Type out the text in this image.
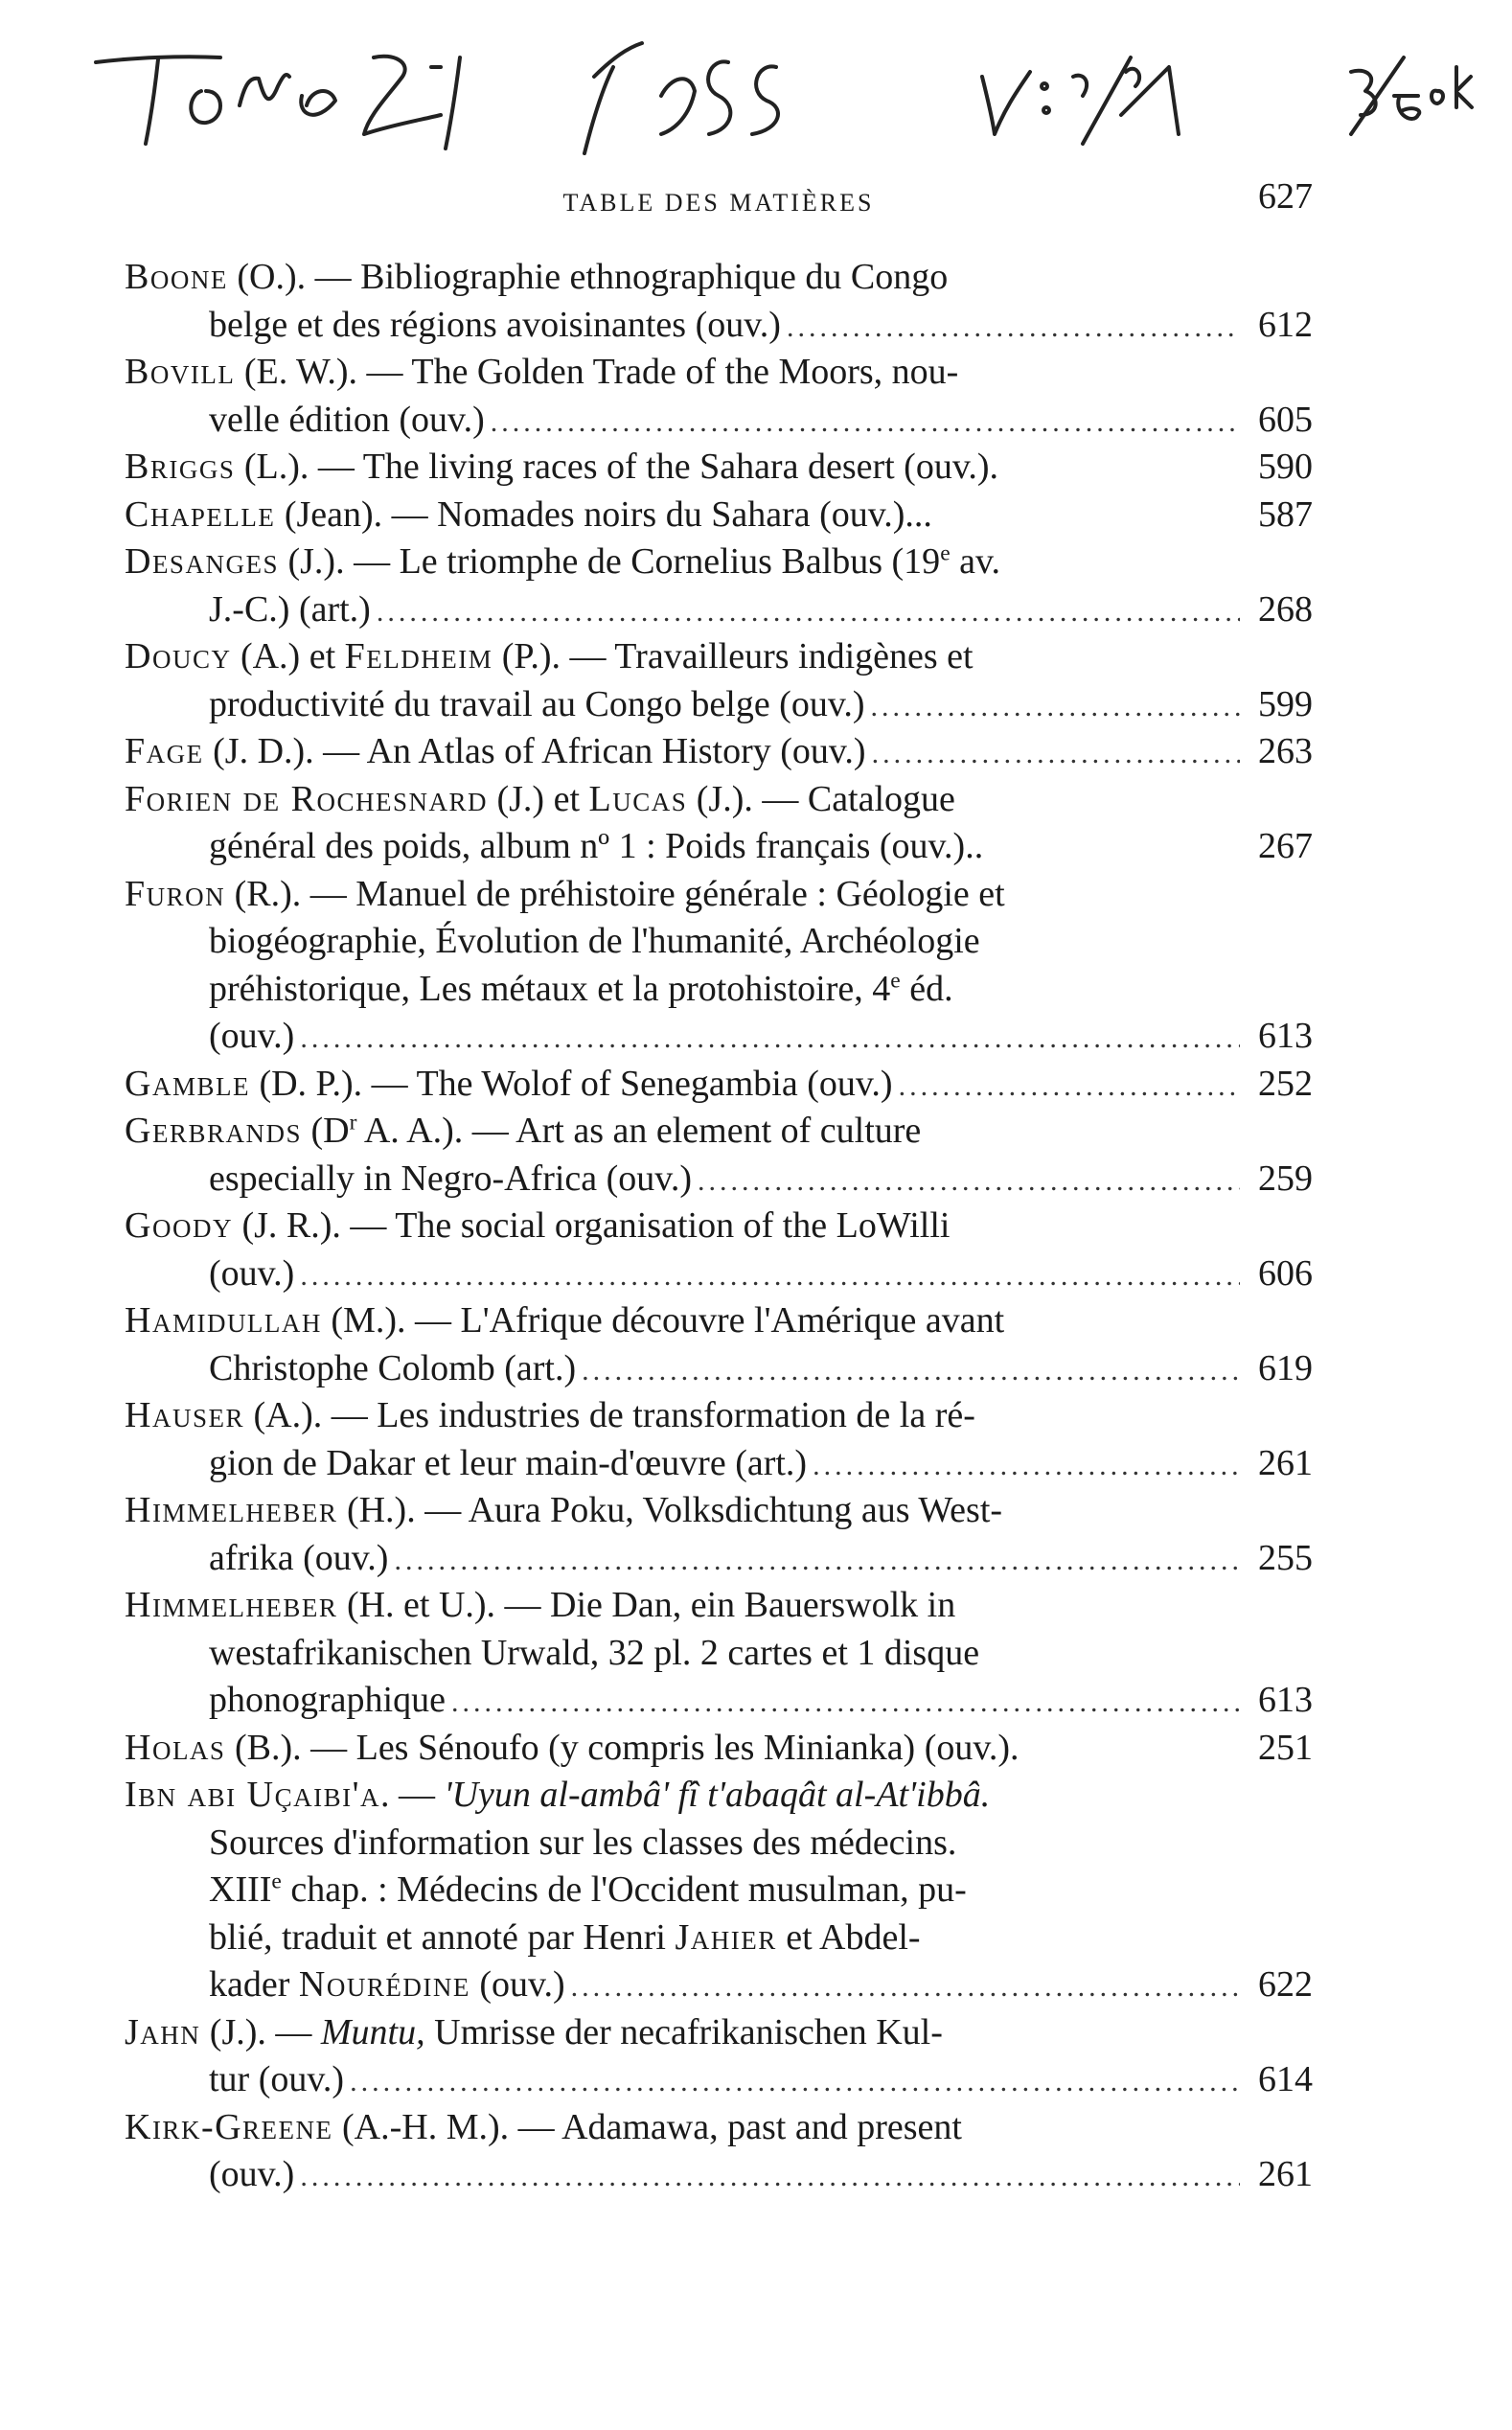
TABLE DES MATIÈRES	627
Boone (O.). — Bibliographie ethnographique du Congo
belge et des régions avoisinantes (ouv.) .....	612
Bovill (E. W.). — The Golden Trade of the Moors, nou-
velle édition (ouv.) .....	605
Briggs (L.). — The living races of the Sahara desert (ouv.).	590
Chapelle (Jean). — Nomades noirs du Sahara (ouv.)...	587
Desanges (J.). — Le triomphe de Cornelius Balbus (19e av.
J.-C.) (art.) .....	268
Doucy (A.) et Feldheim (P.). — Travailleurs indigènes et
productivité du travail au Congo belge (ouv.) .....	599
Fage (J. D.). — An Atlas of African History (ouv.) .....	263
Forien de Rochesnard (J.) et Lucas (J.). — Catalogue
général des poids, album nº 1 : Poids français (ouv.)..	267
Furon (R.). — Manuel de préhistoire générale : Géologie et
biogéographie, Évolution de l'humanité, Archéologie
préhistorique, Les métaux et la protohistoire, 4e éd.
(ouv.) .....	613
Gamble (D. P.). — The Wolof of Senegambia (ouv.) .....	252
Gerbrands ($D^r$ A. A.). — Art as an element of culture
especially in Negro-Africa (ouv.) .....	259
Goody (J. R.). — The social organisation of the LoWilli
(ouv.) .....	606
Hamidullah (M.). — L'Afrique découvre l'Amérique avant
Christophe Colomb (art.) .....	619
Hauser (A.). — Les industries de transformation de la ré-
gion de Dakar et leur main-d'œuvre (art.) .....	261
Himmelheber (H.). — Aura Poku, Volksdichtung aus West-
afrika (ouv.) .....	255
Himmelheber (H. et U.). — Die Dan, ein Bauerswolk in
westafrikanischen Urwald, 32 pl. 2 cartes et 1 disque
phonographique .....	613
Holas (B.). — Les Sénoufo (y compris les Minianka) (ouv.).	251
Ibn abi Uçaibi'a. — 'Uyun al-ambâ' fî t'abaqât al-At'ibbâ.
Sources d'information sur les classes des médecins.
XIIIe chap. : Médecins de l'Occident musulman, pu-
blié, traduit et annoté par Henri Jahier et Abdel-
kader Nourédine (ouv.) .....	622
Jahn (J.). — Muntu, Umrisse der necafrikanischen Kul-
tur (ouv.) .....	614
Kirk-Greene (A.-H. M.). — Adamawa, past and present
(ouv.) .....	261
